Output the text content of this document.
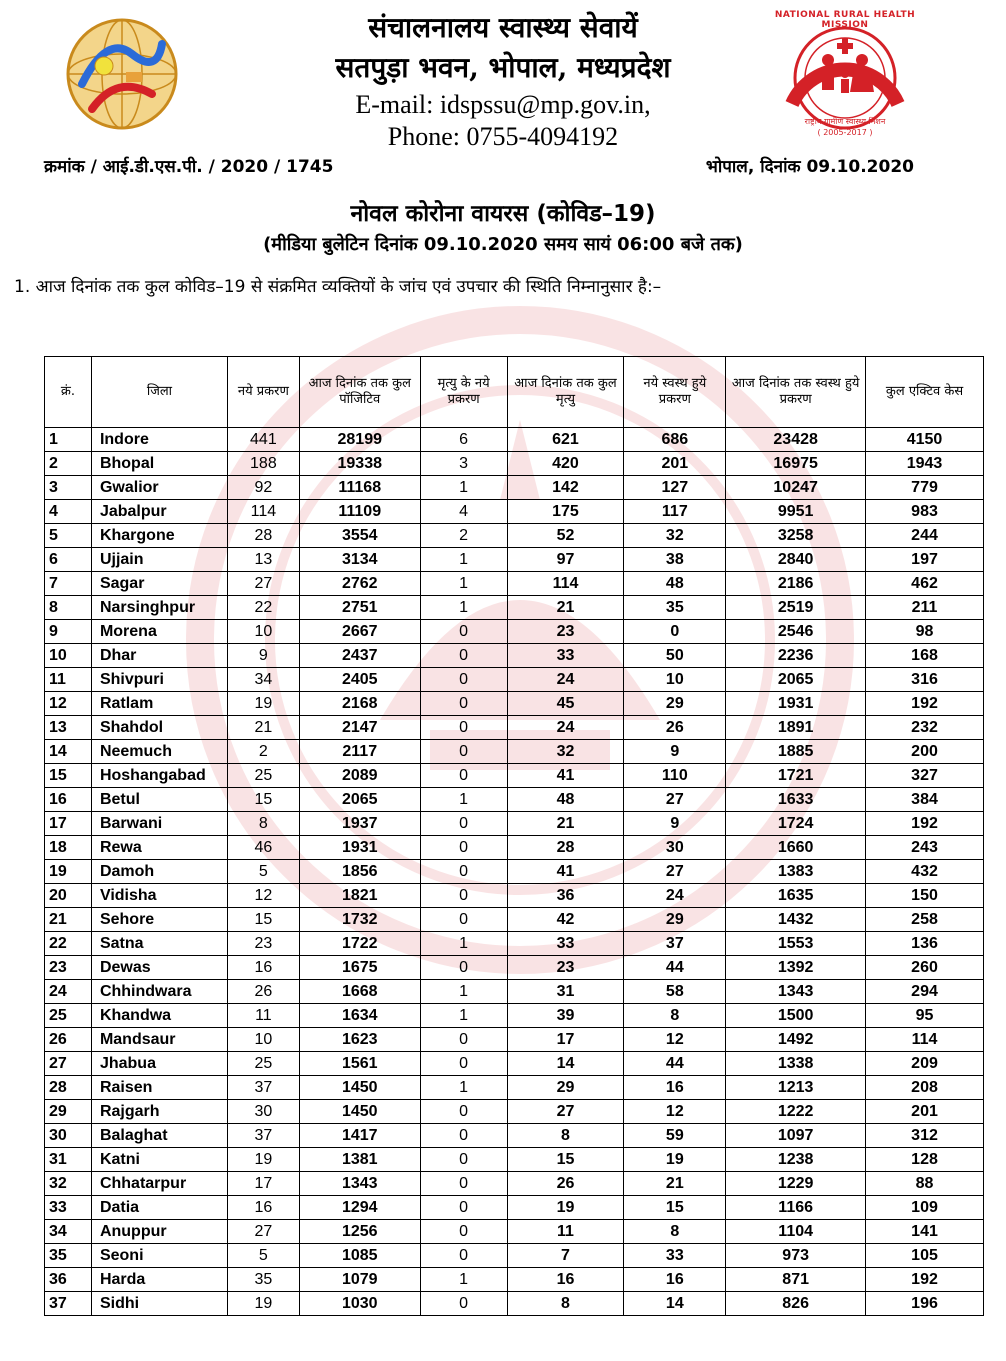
राष्ट्रीय ग्रामीण स्वास्थ्य मिशन
( 2005-2017 )
NATIONAL RURAL HEALTH MISSION
संचालनालय स्वास्थ्य सेवायें
सतपुड़ा भवन, भोपाल, मध्यप्रदेश
E-mail: idspssu@mp.gov.in,
Phone: 0755-4094192
क्रमांक / आई.डी.एस.पी. / 2020 / 1745	भोपाल, दिनांक 09.10.2020
नोवल कोरोना वायरस (कोविड–19)
(मीडिया बुलेटिन दिनांक 09.10.2020 समय सायं 06:00 बजे तक)
1. आज दिनांक तक कुल कोविड–19 से संक्रमित व्यक्तियों के जांच एवं उपचार की स्थिति निम्नानुसार है:–
क्रं.	जिला	नये प्रकरण	आज दिनांक तक कुल पॉजिटिव	मृत्यु के नये प्रकरण	आज दिनांक तक कुल मृत्यु	नये स्वस्थ हुये प्रकरण	आज दिनांक तक स्वस्थ हुये प्रकरण	कुल एक्टिव केस
1	Indore	441	28199	6	621	686	23428	4150
2	Bhopal	188	19338	3	420	201	16975	1943
3	Gwalior	92	11168	1	142	127	10247	779
4	Jabalpur	114	11109	4	175	117	9951	983
5	Khargone	28	3554	2	52	32	3258	244
6	Ujjain	13	3134	1	97	38	2840	197
7	Sagar	27	2762	1	114	48	2186	462
8	Narsinghpur	22	2751	1	21	35	2519	211
9	Morena	10	2667	0	23	0	2546	98
10	Dhar	9	2437	0	33	50	2236	168
11	Shivpuri	34	2405	0	24	10	2065	316
12	Ratlam	19	2168	0	45	29	1931	192
13	Shahdol	21	2147	0	24	26	1891	232
14	Neemuch	2	2117	0	32	9	1885	200
15	Hoshangabad	25	2089	0	41	110	1721	327
16	Betul	15	2065	1	48	27	1633	384
17	Barwani	8	1937	0	21	9	1724	192
18	Rewa	46	1931	0	28	30	1660	243
19	Damoh	5	1856	0	41	27	1383	432
20	Vidisha	12	1821	0	36	24	1635	150
21	Sehore	15	1732	0	42	29	1432	258
22	Satna	23	1722	1	33	37	1553	136
23	Dewas	16	1675	0	23	44	1392	260
24	Chhindwara	26	1668	1	31	58	1343	294
25	Khandwa	11	1634	1	39	8	1500	95
26	Mandsaur	10	1623	0	17	12	1492	114
27	Jhabua	25	1561	0	14	44	1338	209
28	Raisen	37	1450	1	29	16	1213	208
29	Rajgarh	30	1450	0	27	12	1222	201
30	Balaghat	37	1417	0	8	59	1097	312
31	Katni	19	1381	0	15	19	1238	128
32	Chhatarpur	17	1343	0	26	21	1229	88
33	Datia	16	1294	0	19	15	1166	109
34	Anuppur	27	1256	0	11	8	1104	141
35	Seoni	5	1085	0	7	33	973	105
36	Harda	35	1079	1	16	16	871	192
37	Sidhi	19	1030	0	8	14	826	196
